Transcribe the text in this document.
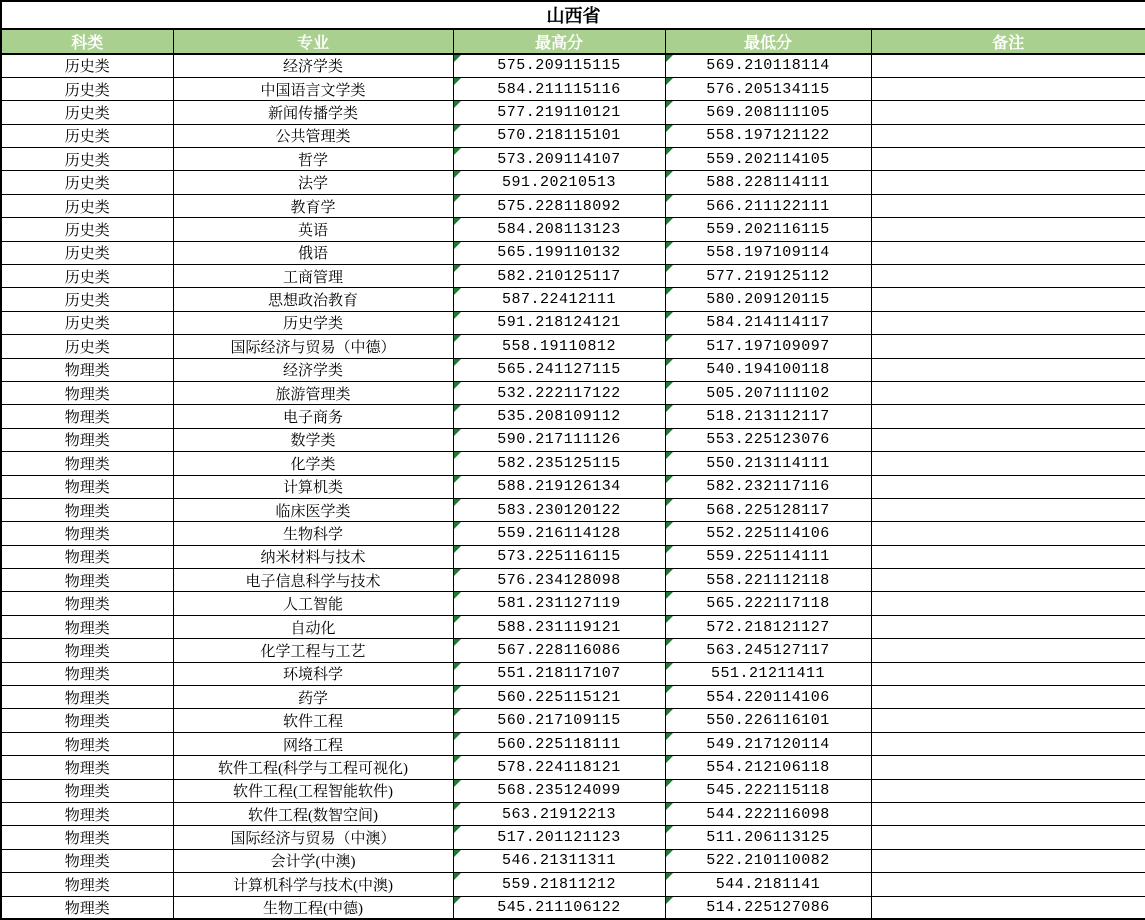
山西省				
科类	专业	最高分	最低分	备注
历史类	经济学类	575.209115115	569.210118114	
历史类	中国语言文学类	584.211115116	576.205134115	
历史类	新闻传播学类	577.219110121	569.208111105	
历史类	公共管理类	570.218115101	558.197121122	
历史类	哲学	573.209114107	559.202114105	
历史类	法学	591.20210513	588.228114111	
历史类	教育学	575.228118092	566.211122111	
历史类	英语	584.208113123	559.202116115	
历史类	俄语	565.199110132	558.197109114	
历史类	工商管理	582.210125117	577.219125112	
历史类	思想政治教育	587.22412111	580.209120115	
历史类	历史学类	591.218124121	584.214114117	
历史类	国际经济与贸易（中德）	558.19110812	517.197109097	
物理类	经济学类	565.241127115	540.194100118	
物理类	旅游管理类	532.222117122	505.207111102	
物理类	电子商务	535.208109112	518.213112117	
物理类	数学类	590.217111126	553.225123076	
物理类	化学类	582.235125115	550.213114111	
物理类	计算机类	588.219126134	582.232117116	
物理类	临床医学类	583.230120122	568.225128117	
物理类	生物科学	559.216114128	552.225114106	
物理类	纳米材料与技术	573.225116115	559.225114111	
物理类	电子信息科学与技术	576.234128098	558.221112118	
物理类	人工智能	581.231127119	565.222117118	
物理类	自动化	588.231119121	572.218121127	
物理类	化学工程与工艺	567.228116086	563.245127117	
物理类	环境科学	551.218117107	551.21211411	
物理类	药学	560.225115121	554.220114106	
物理类	软件工程	560.217109115	550.226116101	
物理类	网络工程	560.225118111	549.217120114	
物理类	软件工程(科学与工程可视化)	578.224118121	554.212106118	
物理类	软件工程(工程智能软件)	568.235124099	545.222115118	
物理类	软件工程(数智空间)	563.21912213	544.222116098	
物理类	国际经济与贸易（中澳）	517.201121123	511.206113125	
物理类	会计学(中澳)	546.21311311	522.210110082	
物理类	计算机科学与技术(中澳)	559.21811212	544.2181141	
物理类	生物工程(中德)	545.211106122	514.225127086	
